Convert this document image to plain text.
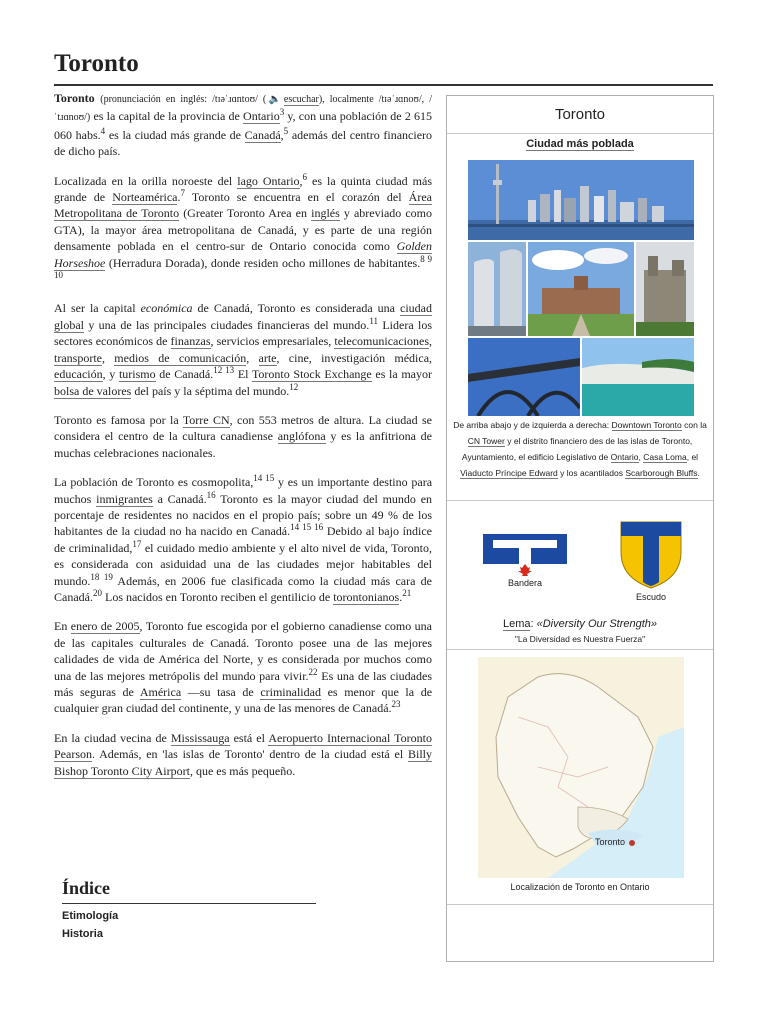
Toronto

Toronto (pronunciación en inglés: /tɪəˈɹɑntoʊ/ (🔈escuchar), localmente /tɪəˈɹɑnoʊ/, /ˈtɹɑnoʊ/) es la capital de la provincia de Ontario$^3$ y, con una población de 2 615 060 habs.$^4$ es la ciudad más grande de Canadá,$^5$ además del centro financiero de dicho país.

Localizada en la orilla noroeste del lago Ontario,$^6$ es la quinta ciudad más grande de Norteamérica.$^7$ Toronto se encuentra en el corazón del Área Metropolitana de Toronto (Greater Toronto Area en inglés y abreviado como GTA), la mayor área metropolitana de Canadá, y es parte de una región densamente poblada en el centro-sur de Ontario conocida como Golden Horseshoe (Herradura Dorada), donde residen ocho millones de habitantes.$^{8 9 10}$

Al ser la capital económica de Canadá, Toronto es considerada una ciudad global y una de las principales ciudades financieras del mundo.$^{11}$ Lidera los sectores económicos de finanzas, servicios empresariales, telecomunicaciones, transporte, medios de comunicación, arte, cine, investigación médica, educación, y turismo de Canadá.$^{12 13}$ El Toronto Stock Exchange es la mayor bolsa de valores del país y la séptima del mundo.$^{12}$

Toronto es famosa por la Torre CN, con 553 metros de altura. La ciudad se considera el centro de la cultura canadiense anglófona y es la anfitriona de muchas celebraciones nacionales.

La población de Toronto es cosmopolita,$^{14 15}$ y es un importante destino para muchos inmigrantes a Canadá.$^{16}$ Toronto es la mayor ciudad del mundo en porcentaje de residentes no nacidos en el propio país; sobre un 49 % de los habitantes de la ciudad no ha nacido en Canadá.$^{14 15 16}$ Debido al bajo índice de criminalidad,$^{17}$ el cuidado medio ambiente y el alto nivel de vida, Toronto, es considerada con asiduidad una de las ciudades mejor habitables del mundo.$^{18 19}$ Además, en 2006 fue clasificada como la ciudad más cara de Canadá.$^{20}$ Los nacidos en Toronto reciben el gentilicio de torontonianos.$^{21}$

En enero de 2005, Toronto fue escogida por el gobierno canadiense como una de las capitales culturales de Canadá. Toronto posee una de las mejores calidades de vida de América del Norte, y es considerada por muchos como una de las mejores metrópolis del mundo para vivir.$^{22}$ Es una de las ciudades más seguras de América —su tasa de criminalidad es menor que la de cualquier gran ciudad del continente, y una de las menores de Canadá.$^{23}$

En la ciudad vecina de Mississauga está el Aeropuerto Internacional Toronto Pearson. Además, en 'las islas de Toronto' dentro de la ciudad está el Billy Bishop Toronto City Airport, que es más pequeño.

Toronto
Ciudad más poblada
De arriba abajo y de izquierda a derecha: Downtown Toronto con la CN Tower y el distrito financiero des de las islas de Toronto, Ayuntamiento, el edificio Legislativo de Ontario, Casa Loma, el Viaducto Príncipe Edward y los acantilados Scarborough Bluffs.
Bandera
Escudo
Lema: «Diversity Our Strength»
"La Diversidad es Nuestra Fuerza"
Toronto
Localización de Toronto en Ontario
Índice
Etimología
Historia
